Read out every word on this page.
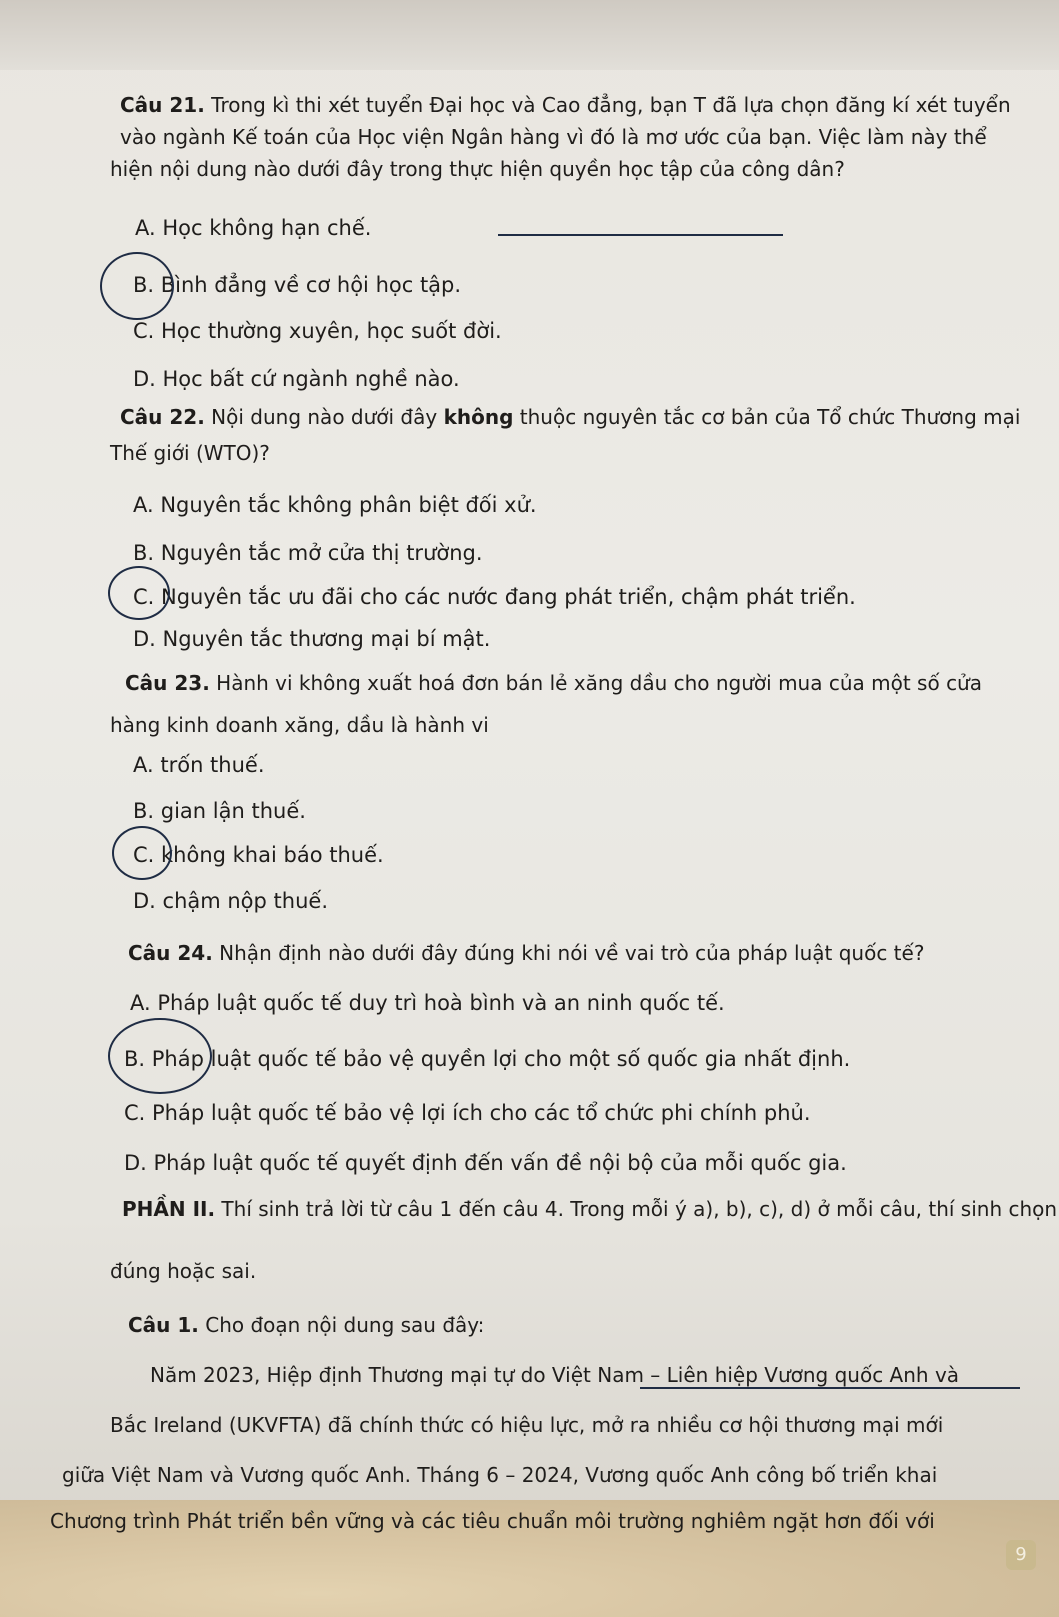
Câu 21. Trong kì thi xét tuyển Đại học và Cao đẳng, bạn T đã lựa chọn đăng kí xét tuyển
vào ngành Kế toán của Học viện Ngân hàng vì đó là mơ ước của bạn. Việc làm này thể
hiện nội dung nào dưới đây trong thực hiện quyền học tập của công dân?
A. Học không hạn chế.
B. Bình đẳng về cơ hội học tập.
C. Học thường xuyên, học suốt đời.
D. Học bất cứ ngành nghề nào.
Câu 22. Nội dung nào dưới đây không thuộc nguyên tắc cơ bản của Tổ chức Thương mại
Thế giới (WTO)?
A. Nguyên tắc không phân biệt đối xử.
B. Nguyên tắc mở cửa thị trường.
C. Nguyên tắc ưu đãi cho các nước đang phát triển, chậm phát triển.
D. Nguyên tắc thương mại bí mật.
Câu 23. Hành vi không xuất hoá đơn bán lẻ xăng dầu cho người mua của một số cửa
hàng kinh doanh xăng, dầu là hành vi
A. trốn thuế.
B. gian lận thuế.
C. không khai báo thuế.
D. chậm nộp thuế.
Câu 24. Nhận định nào dưới đây đúng khi nói về vai trò của pháp luật quốc tế?
A. Pháp luật quốc tế duy trì hoà bình và an ninh quốc tế.
B. Pháp luật quốc tế bảo vệ quyền lợi cho một số quốc gia nhất định.
C. Pháp luật quốc tế bảo vệ lợi ích cho các tổ chức phi chính phủ.
D. Pháp luật quốc tế quyết định đến vấn đề nội bộ của mỗi quốc gia.
PHẦN II. Thí sinh trả lời từ câu 1 đến câu 4. Trong mỗi ý a), b), c), d) ở mỗi câu, thí sinh chọn
đúng hoặc sai.
Câu 1. Cho đoạn nội dung sau đây:
Năm 2023, Hiệp định Thương mại tự do Việt Nam – Liên hiệp Vương quốc Anh và
Bắc Ireland (UKVFTA) đã chính thức có hiệu lực, mở ra nhiều cơ hội thương mại mới
giữa Việt Nam và Vương quốc Anh. Tháng 6 – 2024, Vương quốc Anh công bố triển khai
Chương trình Phát triển bền vững và các tiêu chuẩn môi trường nghiêm ngặt hơn đối với
9
